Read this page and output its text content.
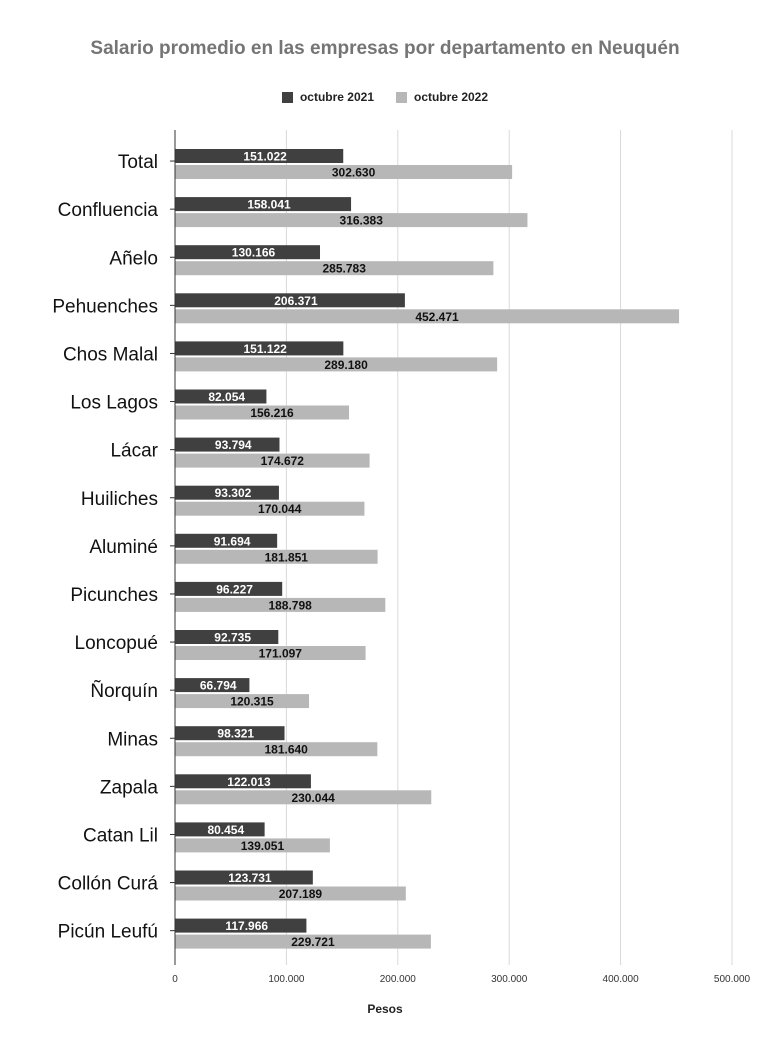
Salario promedio en las empresas por departamento en Neuquén
octubre 2021	octubre 2022
151.022
302.630
158.041
316.383
130.166
285.783
206.371
452.471
151.122
289.180
82.054
156.216
93.794
174.672
93.302
170.044
91.694
181.851
96.227
188.798
92.735
171.097
66.794
120.315
98.321
181.640
122.013
230.044
80.454
139.051
123.731
207.189
117.966
229.721
0	100.000	200.000	300.000	400.000	500.000
Total
Confluencia
Añelo
Pehuenches
Chos Malal
Los Lagos
Lácar
Huiliches
Aluminé
Picunches
Loncopué
Ñorquín
Minas
Zapala
Catan Lil
Collón Curá
Picún Leufú
Pesos
